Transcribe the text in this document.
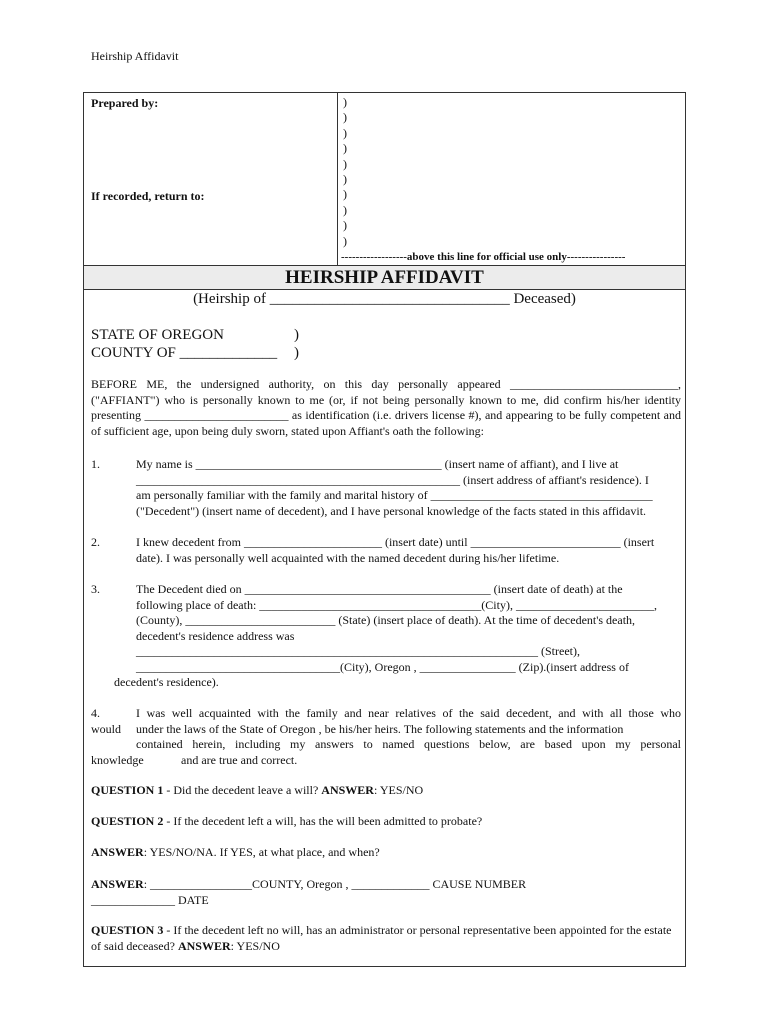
Heirship Affidavit
Prepared by:
If recorded, return to:
)
)
)
)
)
)
)
)
)
)
------------------above this line for official use only----------------
HEIRSHIP AFFIDAVIT
(Heirship of ________________________________ Deceased)
STATE OF OREGON	)
COUNTY OF _____________ )
BEFORE ME, the undersigned authority, on this day personally appeared ____________________________, ("AFFIANT") who is personally known to me (or, if not being personally known to me, did confirm his/her identity presenting ________________________ as identification (i.e. drivers license #), and appearing to be fully competent and of sufficient age, upon being duly sworn, stated upon Affiant's oath the following:
1.	My name is _________________________________________ (insert name of affiant), and I live at
______________________________________________________ (insert address of affiant's residence). I
am personally familiar with the family and marital history of _____________________________________
("Decedent") (insert name of decedent), and I have personal knowledge of the facts stated in this affidavit.
2.	I knew decedent from _______________________ (insert date) until _________________________ (insert
date). I was personally well acquainted with the named decedent during his/her lifetime.
3.	The Decedent died on _________________________________________ (insert date of death) at the
following place of death: _____________________________________(City), _______________________,
(County), _________________________ (State) (insert place of death). At the time of decedent's death,
decedent's residence address was
___________________________________________________________________ (Street),
__________________________________(City), Oregon , ________________ (Zip).(insert address of
decedent's residence).
4.	I was well acquainted with the family and near relatives of the said decedent, and with all those who
would	under the laws of the State of Oregon , be his/her heirs. The following statements and the information
contained herein, including my answers to named questions below, are based upon my personal
knowledge	and are true and correct.
QUESTION 1 - Did the decedent leave a will? ANSWER: YES/NO
QUESTION 2 - If the decedent left a will, has the will been admitted to probate?
ANSWER: YES/NO/NA. If YES, at what place, and when?
ANSWER: _________________COUNTY, Oregon , _____________ CAUSE NUMBER
______________ DATE
QUESTION 3 - If the decedent left no will, has an administrator or personal representative been appointed for the estate of said deceased? ANSWER: YES/NO
